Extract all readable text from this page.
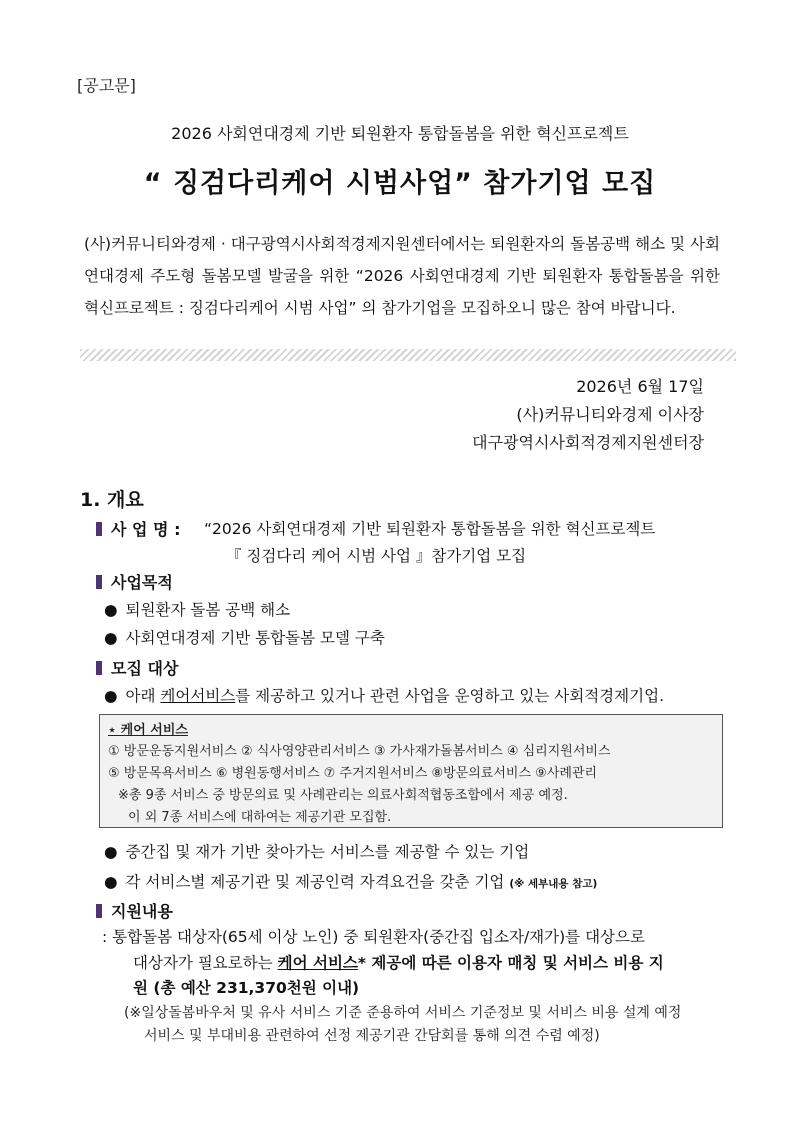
[공고문]
2026 사회연대경제 기반 퇴원환자 통합돌봄을 위한 혁신프로젝트
“ 징검다리케어 시범사업” 참가기업 모집
(사)커뮤니티와경제 · 대구광역시사회적경제지원센터에서는 퇴원환자의 돌봄공백 해소 및 사회연대경제 주도형 돌봄모델 발굴을 위한 “2026 사회연대경제 기반 퇴원환자 통합돌봄을 위한 혁신프로젝트 : 징검다리케어 시범 사업” 의 참가기업을 모집하오니 많은 참여 바랍니다.
2026년 6월 17일
(사)커뮤니티와경제 이사장
대구광역시사회적경제지원센터장
1. 개요
사 업 명 : “2026 사회연대경제 기반 퇴원환자 통합돌봄을 위한 혁신프로젝트
『 징검다리 케어 시범 사업 』참가기업 모집
사업목적
● 퇴원환자 돌봄 공백 해소
● 사회연대경제 기반 통합돌봄 모델 구축
모집 대상
● 아래 케어서비스를 제공하고 있거나 관련 사업을 운영하고 있는 사회적경제기업.
⋆ 케어 서비스
① 방문운동지원서비스 ② 식사영양관리서비스 ③ 가사재가돌봄서비스 ④ 심리지원서비스
⑤ 방문목욕서비스 ⑥ 병원동행서비스 ⑦ 주거지원서비스 ⑧방문의료서비스 ⑨사례관리
※총 9종 서비스 중 방문의료 및 사례관리는 의료사회적협동조합에서 제공 예정.
이 외 7종 서비스에 대하여는 제공기관 모집함.
● 중간집 및 재가 기반 찾아가는 서비스를 제공할 수 있는 기업
● 각 서비스별 제공기관 및 제공인력 자격요건을 갖춘 기업 (※ 세부내용 참고)
지원내용
: 통합돌봄 대상자(65세 이상 노인) 중 퇴원환자(중간집 입소자/재가)를 대상으로
대상자가 필요로하는 케어 서비스* 제공에 따른 이용자 매칭 및 서비스 비용 지
원 (총 예산 231,370천원 이내)
(※일상돌봄바우처 및 유사 서비스 기준 준용하여 서비스 기준정보 및 서비스 비용 설계 예정
서비스 및 부대비용 관련하여 선정 제공기관 간담회를 통해 의견 수렴 예정)
